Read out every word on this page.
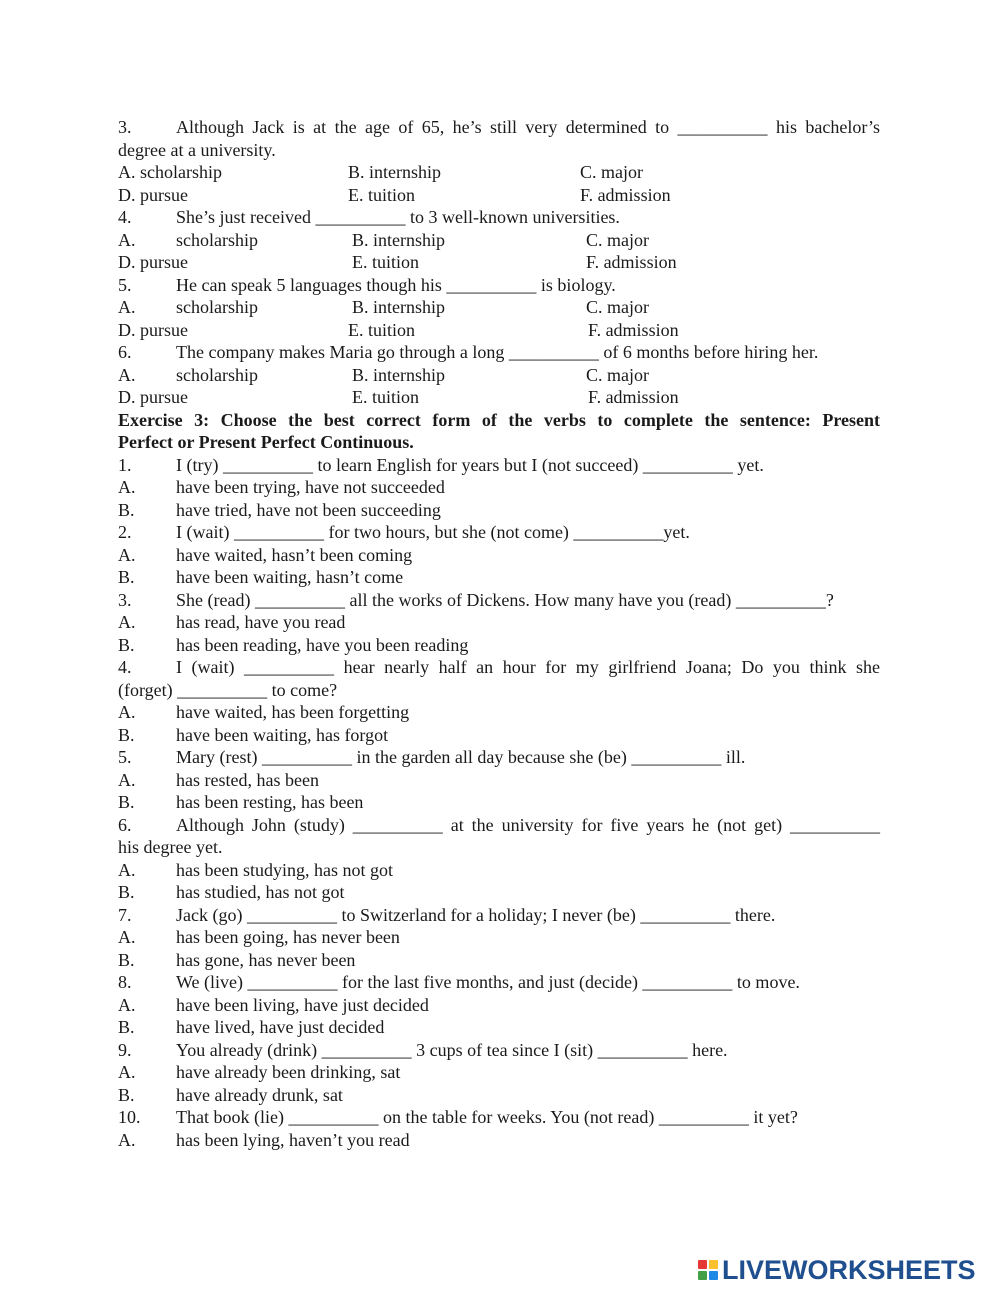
3. Although Jack is at the age of 65, he’s still very determined to __________ his bachelor’s
degree at a university.
A. scholarship	B. internship	C. major
D. pursue	E. tuition	F. admission
4. She’s just received __________ to 3 well-known universities.
A. scholarship	B. internship	C. major
D. pursue	E. tuition	F. admission
5. He can speak 5 languages though his __________ is biology.
A. scholarship	B. internship	C. major
D. pursue	E. tuition	F. admission
6. The company makes Maria go through a long __________ of 6 months before hiring her.
A. scholarship	B. internship	C. major
D. pursue	E. tuition	F. admission
Exercise 3: Choose the best correct form of the verbs to complete the sentence: Present
Perfect or Present Perfect Continuous.
1. I (try) __________ to learn English for years but I (not succeed) __________ yet.
A. have been trying, have not succeeded
B. have tried, have not been succeeding
2. I (wait) __________ for two hours, but she (not come) __________yet.
A. have waited, hasn’t been coming
B. have been waiting, hasn’t come
3. She (read) __________ all the works of Dickens. How many have you (read) __________?
A. has read, have you read
B. has been reading, have you been reading
4. I (wait) __________ hear nearly half an hour for my girlfriend Joana; Do you think she
(forget) __________ to come?
A. have waited, has been forgetting
B. have been waiting, has forgot
5. Mary (rest) __________ in the garden all day because she (be) __________ ill.
A. has rested, has been
B. has been resting, has been
6. Although John (study) __________ at the university for five years he (not get) __________
his degree yet.
A. has been studying, has not got
B. has studied, has not got
7. Jack (go) __________ to Switzerland for a holiday; I never (be) __________ there.
A. has been going, has never been
B. has gone, has never been
8. We (live) __________ for the last five months, and just (decide) __________ to move.
A. have been living, have just decided
B. have lived, have just decided
9. You already (drink) __________ 3 cups of tea since I (sit) __________ here.
A. have already been drinking, sat
B. have already drunk, sat
10. That book (lie) __________ on the table for weeks. You (not read) __________ it yet?
A. has been lying, haven’t you read
LIVEWORKSHEETS
